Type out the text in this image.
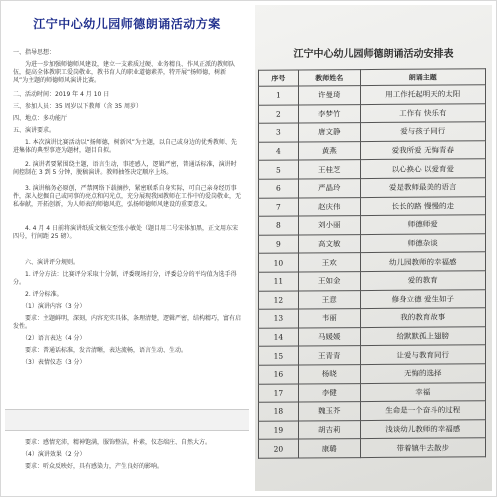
江宁中心幼儿园师德朗诵活动方案
一、指导思想：
　　为进一步加强师德师风建设，建立一支素质过硬、业务精良、作风正派的教师队伍，提高全体教职工爱岗敬业，教书育人的职业道德素养，特开展“扬师德，树新风”为主题的师德师风演讲比赛。
二、活动时间：2019 年 4 月 10 日
三、参加人员：35 周岁以下教师（含 35 周岁）
四、地点：多功能厅
五、演讲要求。
　　1. 本次演讲比赛活动以“扬师德，树新风”为主题，以自己或身边的优秀教师、先进集体的典型事迹为题材，题目自拟。
　　2. 演讲者要紧围绕主题，语言生动，事迹感人，逻辑严密，普通话标准，演讲时间控制在 3 到 5 分钟，脱稿演讲。教师抽签决定顺序上场。
　　3. 演讲稿务必原创，严禁网络下载摘抄，紧密联系自身实际，可自己亲身经历事件，深入挖掘自己或同事的亮点和闪光点，充分展现我园教师在工作中的爱岗敬业，无私奉献，开拓创新，为人师表的师德风范，弘扬师德师风建设的重要意义。
　　4. 4 月 4 日前将演讲纸质文稿交至张小敏处（题目用二号宋体加黑，正文用东宋四号，行间距 25 磅）。
　　六、演讲评分规则。
　　1. 评分方法：比赛评分采取十分制，评委现场打分，评委总分的平均值为选手得分。
　　2. 评分标准。
　　（1）演讲内容（3 分）
　　要求：主题鲜明，深刻，内容充实具体，条理清楚，逻辑严密，结构精巧，富有启发性。
　　（2）语言表达（4 分）
　　要求：普通话标准，发音清晰，表达流畅，语言生动、生动。
　　（3）表情仪态（3 分）
　　要求：感情充沛，精神饱满，服饰整洁，朴素，仪态端庄、自然大方。
　　（4）演讲效果（2 分）
　　要求：听众反映好，具有感染力，产生良好的影响。
江宁中心幼儿园师德朗诵活动安排表
序号	教师姓名	朗诵主题
1	许曼琦	用工作托起明天的太阳
2	李梦竹	工作有 快乐有
3	唐文静	爱与孩子同行
4	黄燕	爱我所爱 无悔青春
5	王桂芝	以心换心 以爱育爱
6	严晶玲	爱是教师最美的语言
7	赵庆伟	长长的路 慢慢的走
8	刘小丽	师德师爱
9	高文敏	师德杂谈
10	王欢	幼儿园教师的幸福感
11	王如金	爱的教育
12	王意	修身立德 爱生如子
13	韦丽	我的教育故事
14	马媛媛	给默默孤上翅膀
15	王青青	让爱与教育同行
16	杨晓	无悔的选择
17	李健	幸福
18	魏玉芥	生命是一个奋斗的过程
19	胡吉莉	浅谈幼儿教师的幸福感
20	康璐	带着镇牛去散步
